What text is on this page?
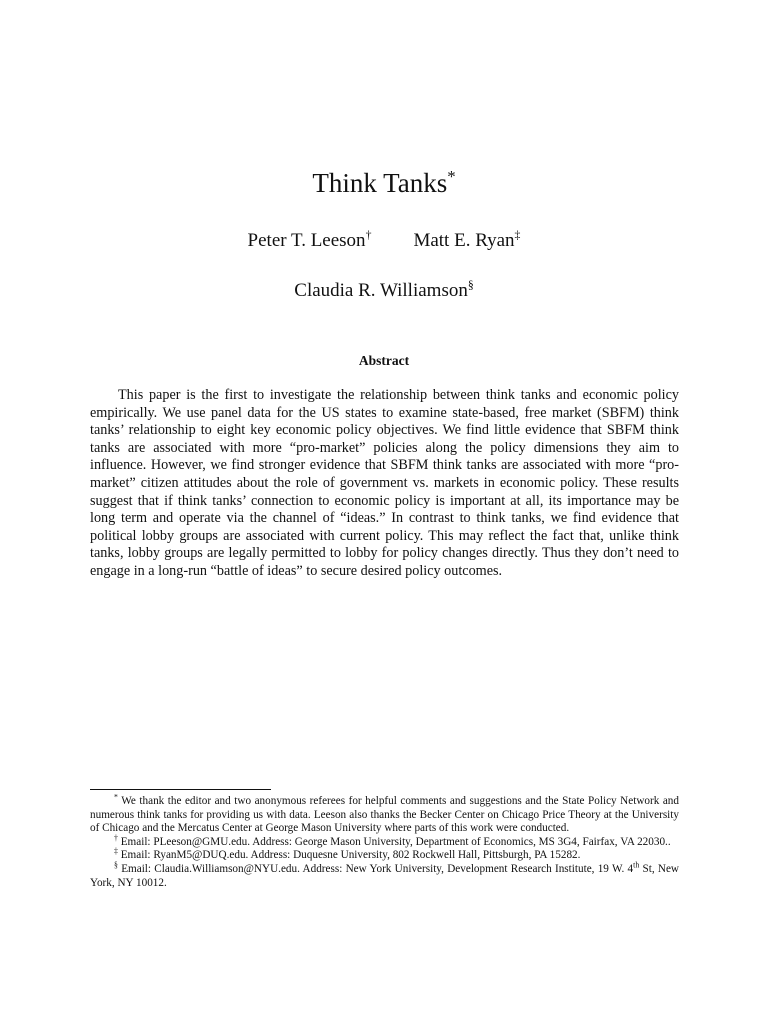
Think Tanks*
Peter T. Leeson† Matt E. Ryan‡
Claudia R. Williamson§
Abstract

This paper is the first to investigate the relationship between think tanks and economic policy empirically. We use panel data for the US states to examine state-based, free market (SBFM) think tanks’ relationship to eight key economic policy objectives. We find little evidence that SBFM think tanks are associated with more “pro-market” policies along the policy dimensions they aim to influence. However, we find stronger evidence that SBFM think tanks are associated with more “pro-market” citizen attitudes about the role of government vs. markets in economic policy. These results suggest that if think tanks’ connection to economic policy is important at all, its importance may be long term and operate via the channel of “ideas.” In contrast to think tanks, we find evidence that political lobby groups are associated with current policy. This may reflect the fact that, unlike think tanks, lobby groups are legally permitted to lobby for policy changes directly. Thus they don’t need to engage in a long-run “battle of ideas” to secure desired policy outcomes.

* We thank the editor and two anonymous referees for helpful comments and suggestions and the State Policy Network and numerous think tanks for providing us with data. Leeson also thanks the Becker Center on Chicago Price Theory at the University of Chicago and the Mercatus Center at George Mason University where parts of this work were conducted.

† Email: PLeeson@GMU.edu. Address: George Mason University, Department of Economics, MS 3G4, Fairfax, VA 22030..

‡ Email: RyanM5@DUQ.edu. Address: Duquesne University, 802 Rockwell Hall, Pittsburgh, PA 15282.

§ Email: Claudia.Williamson@NYU.edu. Address: New York University, Development Research Institute, 19 W. 4th St, New York, NY 10012.
